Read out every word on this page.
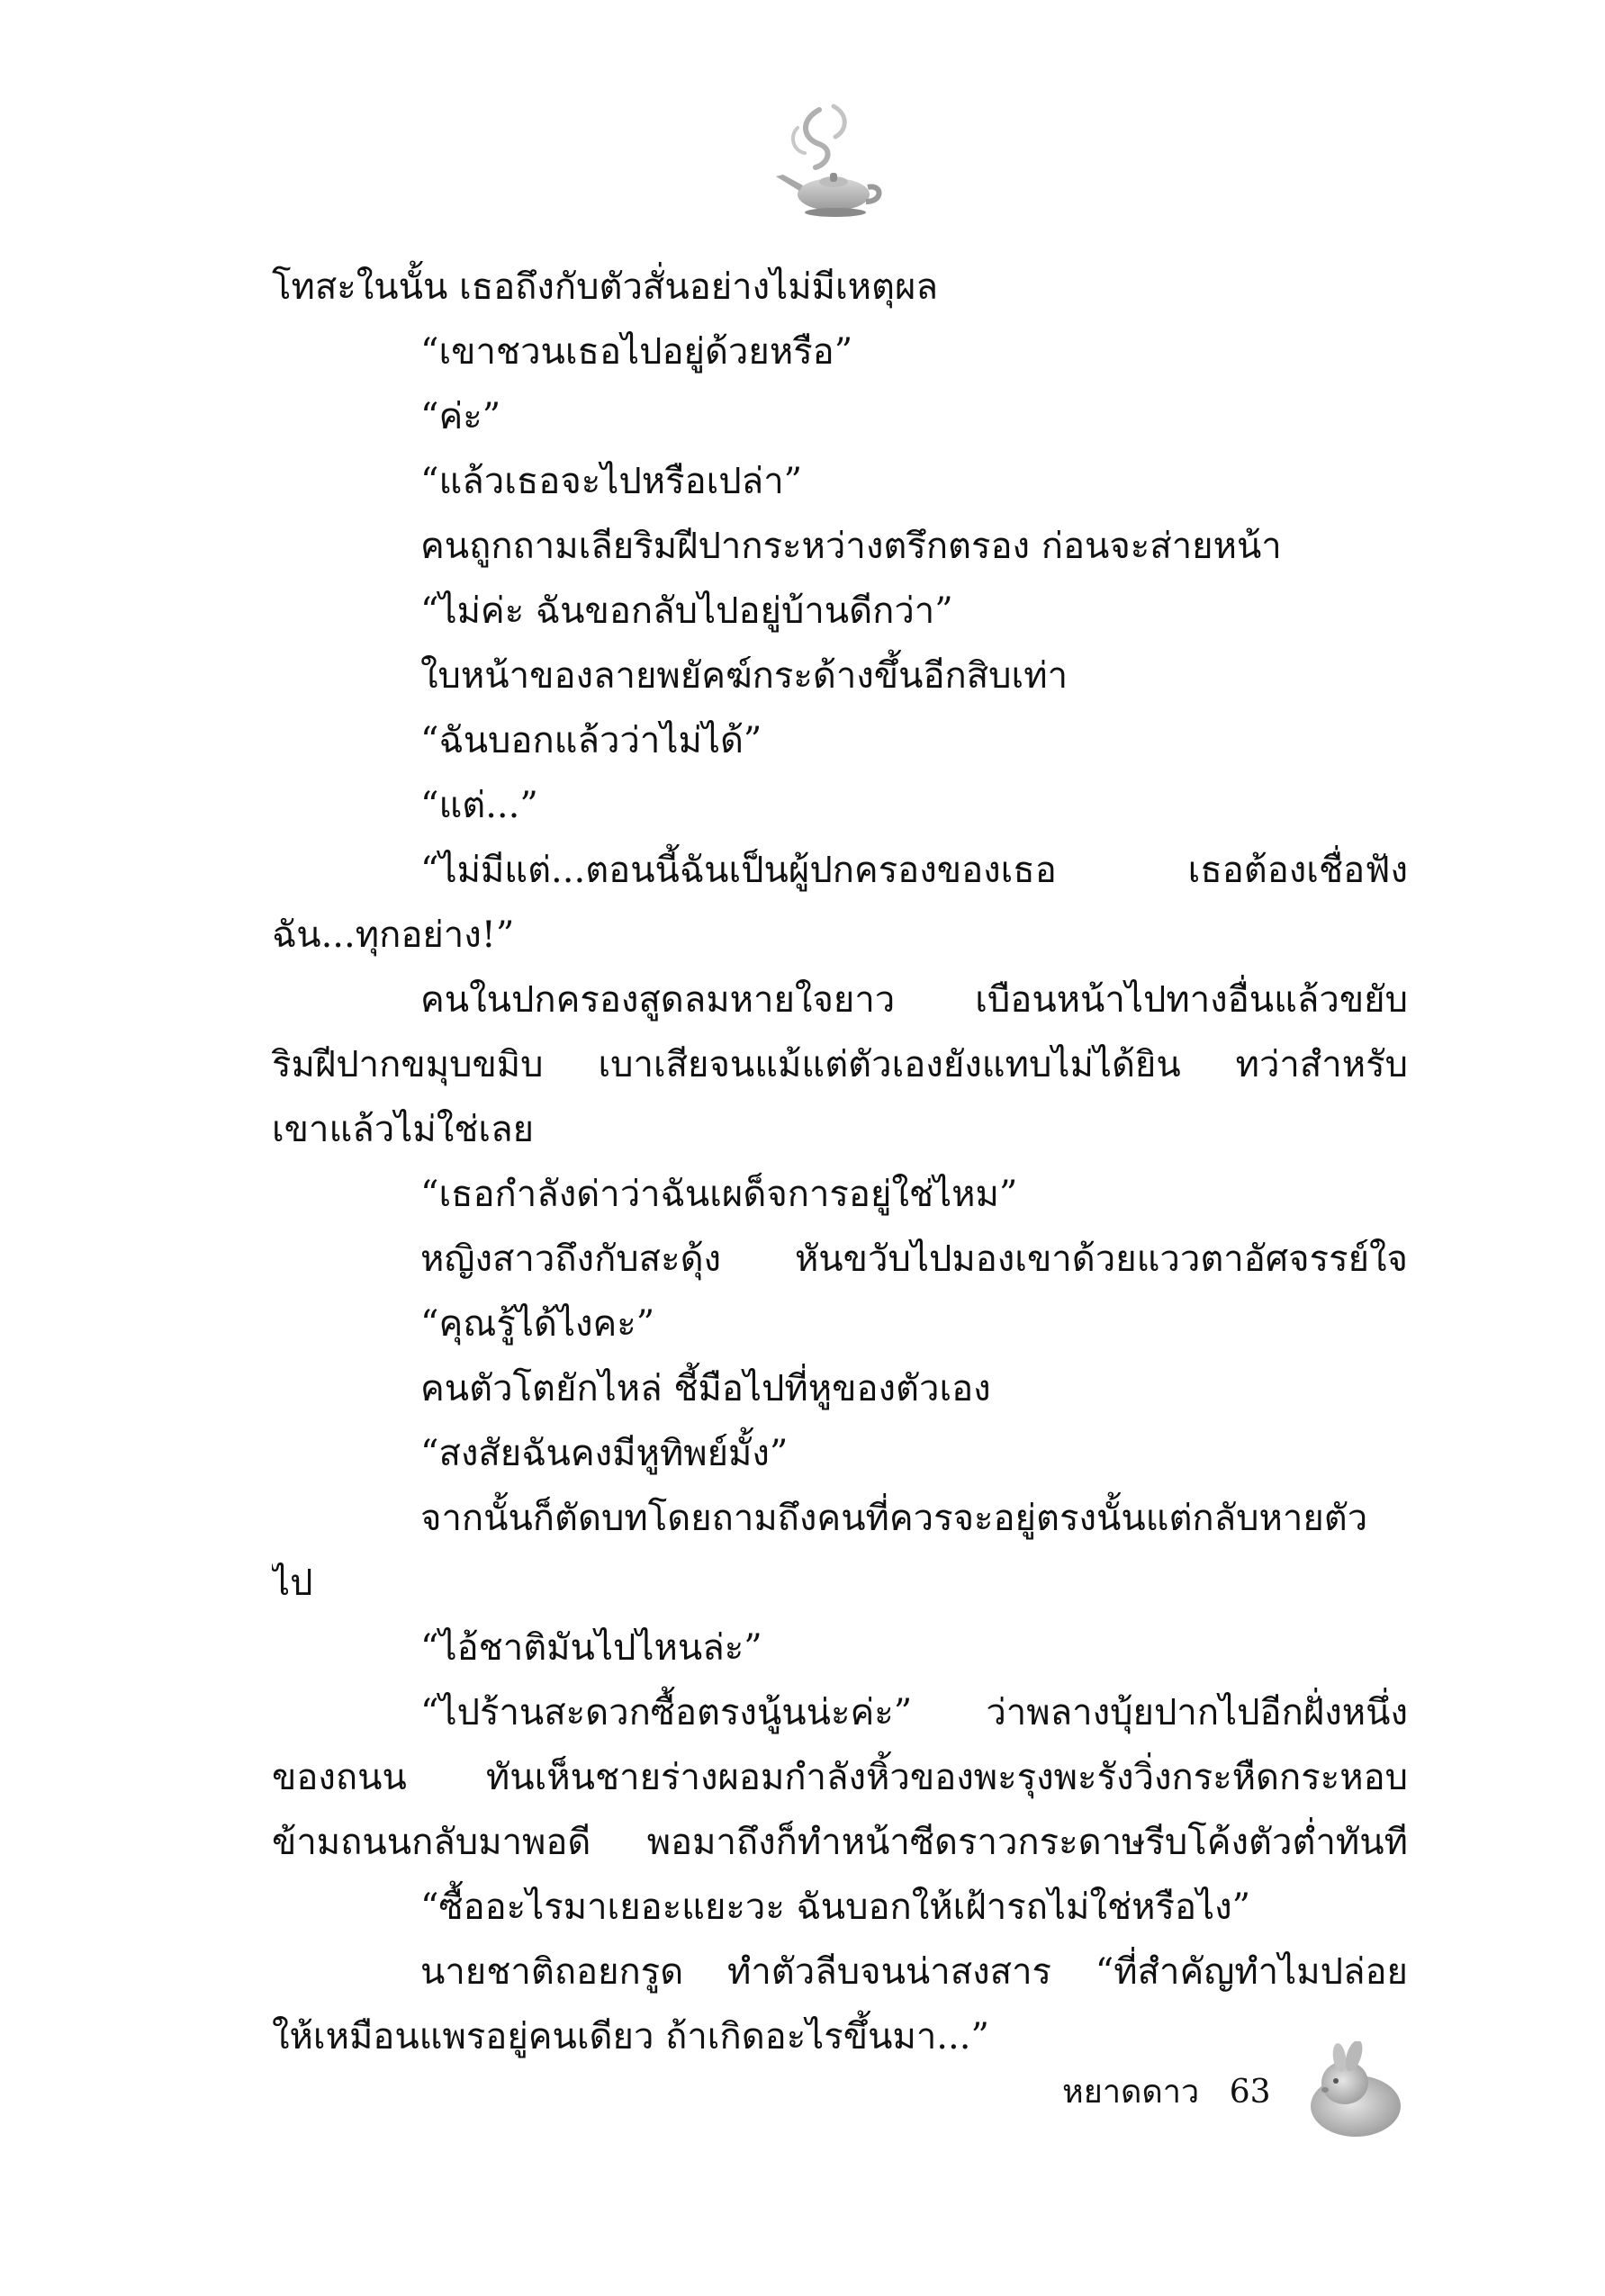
โทสะในนั้น เธอถึงกับตัวสั่นอย่างไม่มีเหตุผล
“เขาชวนเธอไปอยู่ด้วยหรือ”
“ค่ะ”
“แล้วเธอจะไปหรือเปล่า”
คนถูกถามเลียริมฝีปากระหว่างตรึกตรอง ก่อนจะส่ายหน้า
“ไม่ค่ะ ฉันขอกลับไปอยู่บ้านดีกว่า”
ใบหน้าของลายพยัคฆ์กระด้างขึ้นอีกสิบเท่า
“ฉันบอกแล้วว่าไม่ได้”
“แต่...”
“ไม่มีแต่...ตอนนี้ฉันเป็นผู้ปกครองของเธอ เธอต้องเชื่อฟัง
ฉัน...ทุกอย่าง!”
คนในปกครองสูดลมหายใจยาว เบือนหน้าไปทางอื่นแล้วขยับ
ริมฝีปากขมุบขมิบ เบาเสียจนแม้แต่ตัวเองยังแทบไม่ได้ยิน ทว่าสำหรับ
เขาแล้วไม่ใช่เลย
“เธอกำลังด่าว่าฉันเผด็จการอยู่ใช่ไหม”
หญิงสาวถึงกับสะดุ้ง หันขวับไปมองเขาด้วยแววตาอัศจรรย์ใจ
“คุณรู้ได้ไงคะ”
คนตัวโตยักไหล่ ชี้มือไปที่หูของตัวเอง
“สงสัยฉันคงมีหูทิพย์มั้ง”
จากนั้นก็ตัดบทโดยถามถึงคนที่ควรจะอยู่ตรงนั้นแต่กลับหายตัว
ไป
“ไอ้ชาติมันไปไหนล่ะ”
“ไปร้านสะดวกซื้อตรงนู้นน่ะค่ะ” ว่าพลางบุ้ยปากไปอีกฝั่งหนึ่ง
ของถนน ทันเห็นชายร่างผอมกำลังหิ้วของพะรุงพะรังวิ่งกระหืดกระหอบ
ข้ามถนนกลับมาพอดี พอมาถึงก็ทำหน้าซีดราวกระดาษรีบโค้งตัวต่ำทันที
“ซื้ออะไรมาเยอะแยะวะ ฉันบอกให้เฝ้ารถไม่ใช่หรือไง”
นายชาติถอยกรูด ทำตัวลีบจนน่าสงสาร “ที่สำคัญทำไมปล่อย
ให้เหมือนแพรอยู่คนเดียว ถ้าเกิดอะไรขึ้นมา...”
หยาดดาว 63
